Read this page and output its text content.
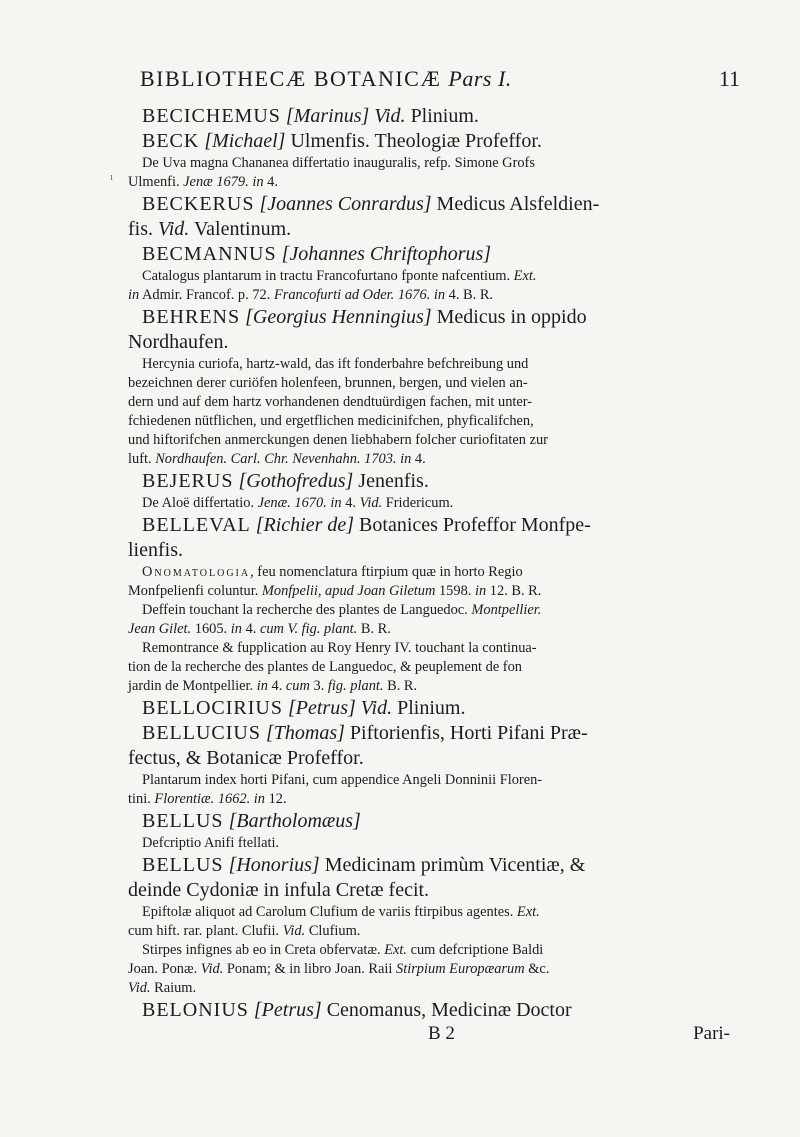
BIBLIOTHECÆ BOTANICÆ Pars I.	11
ı

BECICHEMUS [Marinus] Vid. Plinium.

BECK [Michael] Ulmenfis. Theologiæ Profeffor.

De Uva magna Chananea differtatio inauguralis, refp. Simone Grofs

Ulmenfi. Jenæ 1679. in 4.

BECKERUS [Joannes Conrardus] Medicus Alsfeldien-

fis. Vid. Valentinum.

BECMANNUS [Johannes Chriftophorus]

Catalogus plantarum in tractu Francofurtano fponte nafcentium. Ext.

in Admir. Francof. p. 72. Francofurti ad Oder. 1676. in 4. B. R.

BEHRENS [Georgius Henningius] Medicus in oppido

Nordhaufen.

Hercynia curiofa, hartz-wald, das ift fonderbahre befchreibung und

bezeichnen derer curiöfen holenfeen, brunnen, bergen, und vielen an-

dern und auf dem hartz vorhandenen dendtuürdigen fachen, mit unter-

fchiedenen nütflichen, und ergetflichen medicinifchen, phyficalifchen,

und hiftorifchen anmerckungen denen liebhabern folcher curiofitaten zur

luft. Nordhaufen. Carl. Chr. Nevenhahn. 1703. in 4.

BEJERUS [Gothofredus] Jenenfis.

De Aloë differtatio. Jenæ. 1670. in 4. Vid. Fridericum.

BELLEVAL [Richier de] Botanices Profeffor Monfpe-

lienfis.

Onomatologia, feu nomenclatura ftirpium quæ in horto Regio

Monfpelienfi coluntur. Monfpelii, apud Joan Giletum 1598. in 12. B. R.

Deffein touchant la recherche des plantes de Languedoc. Montpellier.

Jean Gilet. 1605. in 4. cum V. fig. plant. B. R.

Remontrance & fupplication au Roy Henry IV. touchant la continua-

tion de la recherche des plantes de Languedoc, & peuplement de fon

jardin de Montpellier. in 4. cum 3. fig. plant. B. R.

BELLOCIRIUS [Petrus] Vid. Plinium.

BELLUCIUS [Thomas] Piftorienfis, Horti Pifani Præ-

fectus, & Botanicæ Profeffor.

Plantarum index horti Pifani, cum appendice Angeli Donninii Floren-

tini. Florentiæ. 1662. in 12.

BELLUS [Bartholomæus]

Defcriptio Anifi ftellati.

BELLUS [Honorius] Medicinam primùm Vicentiæ, &

deinde Cydoniæ in infula Cretæ fecit.

Epiftolæ aliquot ad Carolum Clufium de variis ftirpibus agentes. Ext.

cum hift. rar. plant. Clufii. Vid. Clufium.

Stirpes infignes ab eo in Creta obfervatæ. Ext. cum defcriptione Baldi

Joan. Ponæ. Vid. Ponam; & in libro Joan. Raii Stirpium Europæarum &c.

Vid. Raium.

BELONIUS [Petrus] Cenomanus, Medicinæ Doctor

B 2	Pari-
